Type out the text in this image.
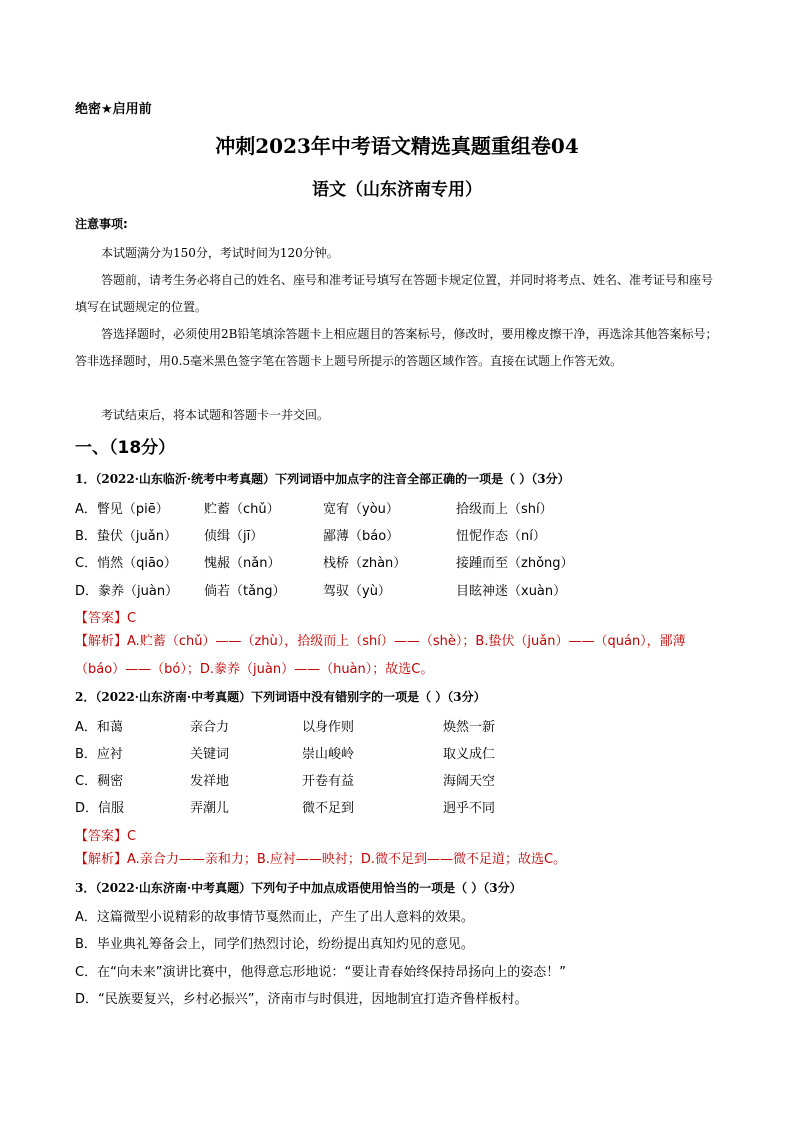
绝密★启用前
冲刺2023年中考语文精选真题重组卷04
语文（山东济南专用）
注意事项:
本试题满分为150分，考试时间为120分钟。
答题前，请考生务必将自己的姓名、座号和准考证号填写在答题卡规定位置，并同时将考点、姓名、准考证号和座号填写在试题规定的位置。
答选择题时，必须使用2B铅笔填涂答题卡上相应题目的答案标号，修改时，要用橡皮擦干净，再选涂其他答案标号；答非选择题时，用0.5毫米黑色签字笔在答题卡上题号所提示的答题区域作答。直接在试题上作答无效。
考试结束后，将本试题和答题卡一并交回。
一、（18分）
1．（2022·山东临沂·统考中考真题）下列词语中加点字的注音全部正确的一项是（ ）（3分）
A．瞥见（piē）	贮蓄（chǔ）	宽宥（yòu）	拾级而上（shí）
B．蛰伏（juǎn） 侦缉（jī）	鄙薄（báo）	忸怩作态（ní）
C．悄然（qiāo） 愧赧（nǎn）	栈桥（zhàn）	接踵而至（zhǒng）
D．豢养（juàn） 倘若（tǎng）	驾驭（yù）	目眩神迷（xuàn）
【答案】C
【解析】A.贮蓄（chǔ）——（zhù），拾级而上（shí）——（shè）；B.蛰伏（juǎn）——（quán），鄙薄（báo）——（bó）；D.豢养（juàn）——（huàn）；故选C。
2．（2022·山东济南·中考真题）下列词语中没有错别字的一项是（ ）（3分）
A．和蔼	亲合力	以身作则	焕然一新
B．应衬	关键词	崇山峻岭	取义成仁
C．稠密	发祥地	开卷有益	海阔天空
D．信服	弄潮儿	微不足到	迥乎不同
【答案】C
【解析】A.亲合力——亲和力；B.应衬——映衬；D.微不足到——微不足道；故选C。
3．（2022·山东济南·中考真题）下列句子中加点成语使用恰当的一项是（ ）（3分）
A．这篇微型小说精彩的故事情节戛然而止，产生了出人意料的效果。
B．毕业典礼筹备会上，同学们热烈讨论，纷纷提出真知灼见的意见。
C．在“向未来”演讲比赛中，他得意忘形地说：“要让青春始终保持昂扬向上的姿态！”
D．“民族要复兴，乡村必振兴”，济南市与时俱进，因地制宜打造齐鲁样板村。
